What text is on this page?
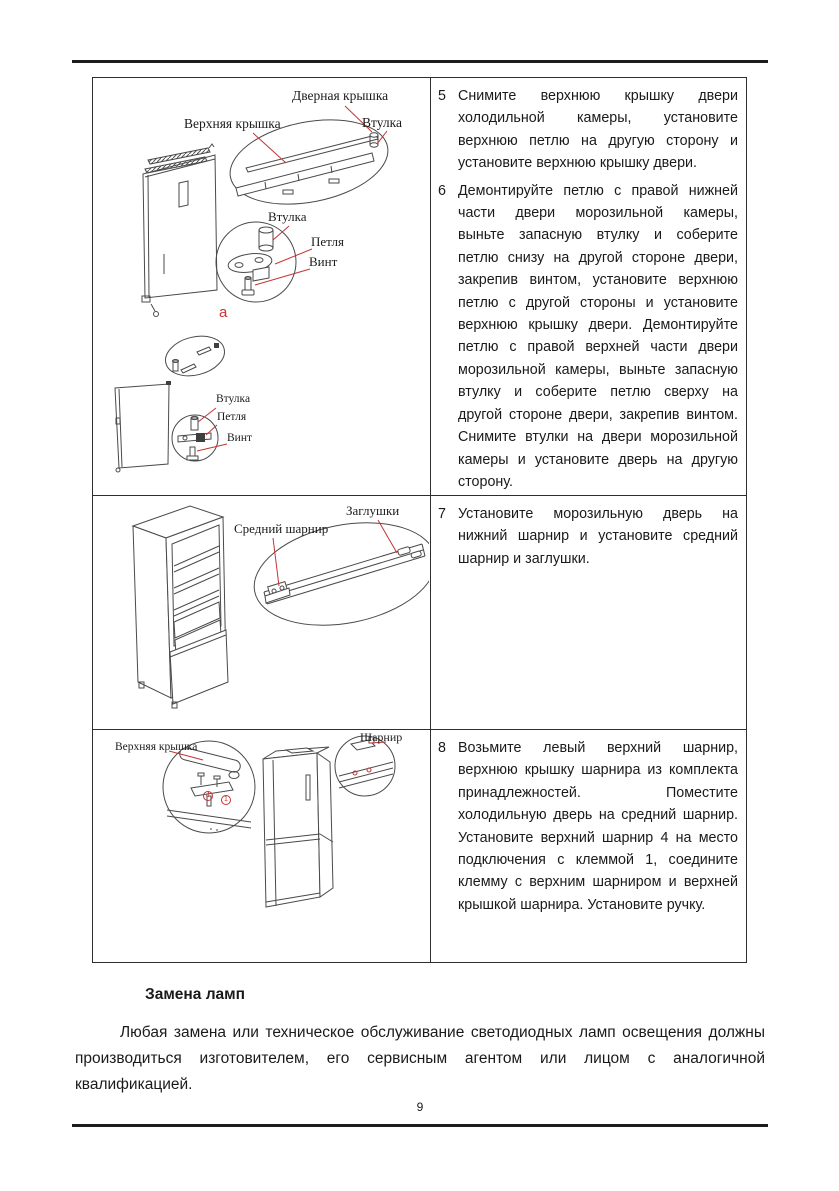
Дверная крышка
Верхняя крышка	Втулка
Втулка
Петля
Винт
а
Втулка
Петля
Винт

5 Снимите верхнюю крышку двери холодильной камеры, установите верхнюю петлю на другую сторону и установите верхнюю крышку двери.

6 Демонтируйте петлю с правой нижней части двери морозильной камеры, выньте запасную втулку и соберите петлю снизу на другой стороне двери, закрепив винтом, установите верхнюю петлю с другой стороны и установите верхнюю крышку двери. Демонтируйте петлю с правой верхней части двери морозильной камеры, выньте запасную втулку и соберите петлю сверху на другой стороне двери, закрепив винтом. Снимите втулки на двери морозильной камеры и установите дверь на другую сторону.

Средний шарнир
Заглушки	7 Установите морозильную дверь на нижний шарнир и установите средний шарнир и заглушки.

Верхняя крышка
Шарнир
4
1

8 Возьмите левый верхний шарнир, верхнюю крышку шарнира из комплекта принадлежностей. Поместите холодильную дверь на средний шарнир. Установите верхний шарнир 4 на место подключения с клеммой 1, соедините клемму с верхним шарниром и верхней крышкой шарнира. Установите ручку.

Замена ламп

Любая замена или техническое обслуживание светодиодных ламп освещения должны производиться изготовителем, его сервисным агентом или лицом с аналогичной квалификацией.

9
